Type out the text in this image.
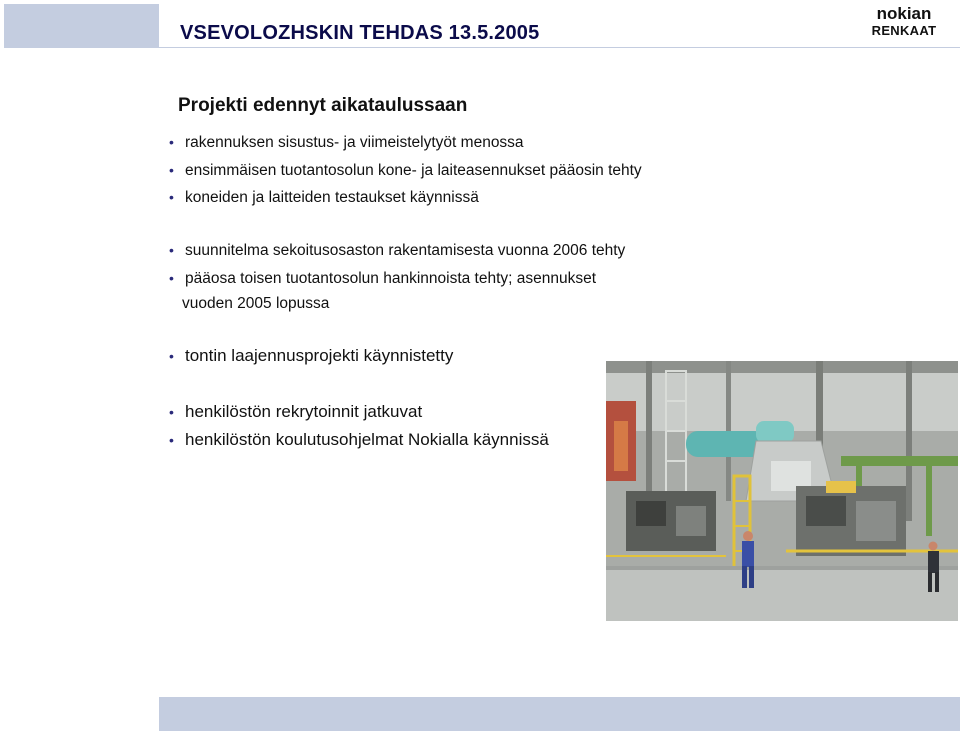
VSEVOLOZHSKIN TEHDAS 13.5.2005
nokian
RENKAAT
Projekti edennyt aikataulussaan
• rakennuksen sisustus- ja viimeistelytyöt menossa
• ensimmäisen tuotantosolun kone- ja laiteasennukset pääosin tehty
• koneiden ja laitteiden testaukset käynnissä
• suunnitelma sekoitusosaston rakentamisesta vuonna 2006 tehty
• pääosa toisen tuotantosolun hankinnoista tehty; asennukset
vuoden 2005 lopussa
• tontin laajennusprojekti käynnistetty
• henkilöstön rekrytoinnit jatkuvat
• henkilöstön koulutusohjelmat Nokialla käynnissä
